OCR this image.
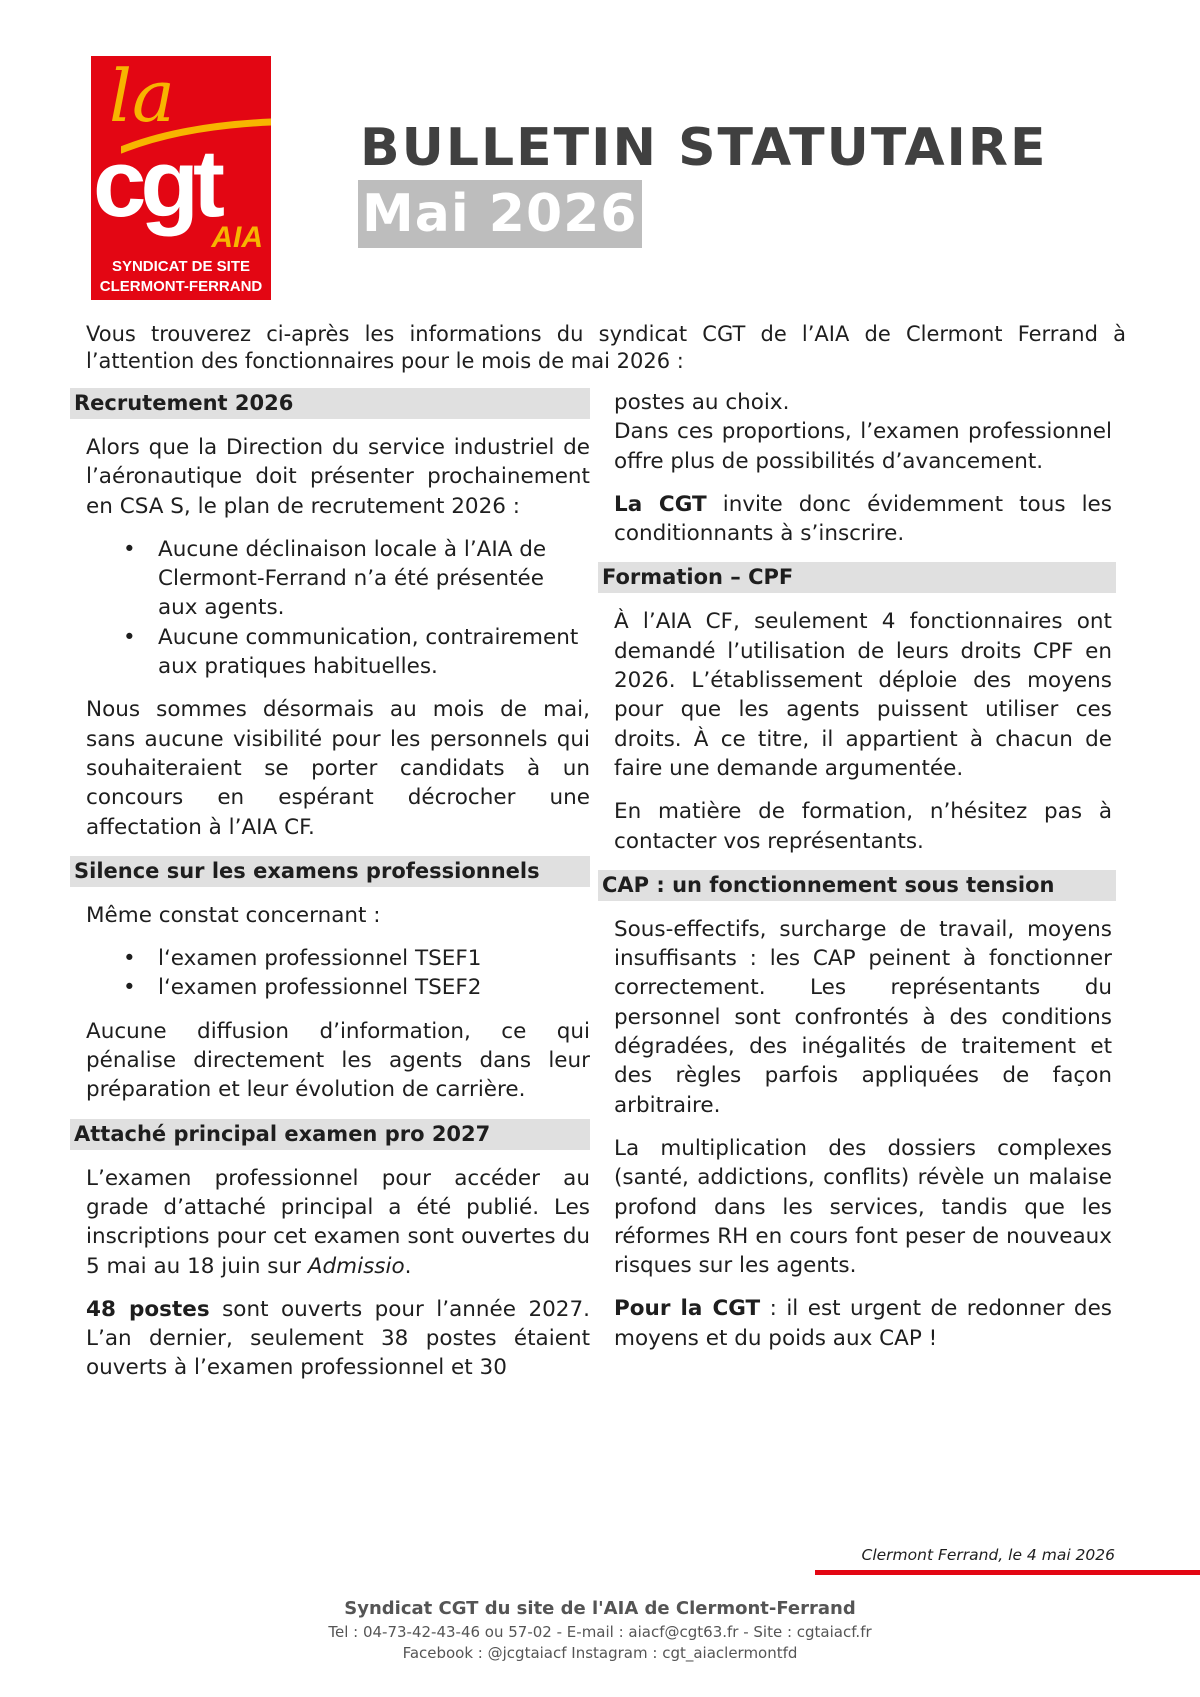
la
cgt
AIA
SYNDICAT DE SITE
CLERMONT-FERRAND
BULLETIN STATUTAIRE
Mai 2026

Vous trouverez ci-après les informations du syndicat CGT de l’AIA de Clermont Ferrand à l’attention des fonctionnaires pour le mois de mai 2026 :

Recrutement 2026

Alors que la Direction du service industriel de l’aéronautique doit présenter prochainement en CSA S, le plan de recrutement 2026 :

• Aucune déclinaison locale à l’AIA de Clermont-Ferrand n’a été présentée aux agents.
• Aucune communication, contrairement aux pratiques habituelles.

Nous sommes désormais au mois de mai, sans aucune visibilité pour les personnels qui souhaiteraient se porter candidats à un concours en espérant décrocher une affectation à l’AIA CF.

Silence sur les examens professionnels

Même constat concernant :

• l‘examen professionnel TSEF1
• l‘examen professionnel TSEF2

Aucune diffusion d’information, ce qui pénalise directement les agents dans leur préparation et leur évolution de carrière.

Attaché principal examen pro 2027

L’examen professionnel pour accéder au grade d’attaché principal a été publié. Les inscriptions pour cet examen sont ouvertes du 5 mai au 18 juin sur Admissio.

48 postes sont ouverts pour l’année 2027. L’an dernier, seulement 38 postes étaient ouverts à l’examen professionnel et 30

postes au choix.

Dans ces proportions, l’examen professionnel offre plus de possibilités d’avancement.

La CGT invite donc évidemment tous les conditionnants à s’inscrire.

Formation – CPF

À l’AIA CF, seulement 4 fonctionnaires ont demandé l’utilisation de leurs droits CPF en 2026. L’établissement déploie des moyens pour que les agents puissent utiliser ces droits. À ce titre, il appartient à chacun de faire une demande argumentée.

En matière de formation, n’hésitez pas à contacter vos représentants.

CAP : un fonctionnement sous tension

Sous-effectifs, surcharge de travail, moyens insuffisants : les CAP peinent à fonctionner correctement. Les représentants du personnel sont confrontés à des conditions dégradées, des inégalités de traitement et des règles parfois appliquées de façon arbitraire.

La multiplication des dossiers complexes (santé, addictions, conflits) révèle un malaise profond dans les services, tandis que les réformes RH en cours font peser de nouveaux risques sur les agents.

Pour la CGT : il est urgent de redonner des moyens et du poids aux CAP !

Clermont Ferrand, le 4 mai 2026
Syndicat CGT du site de l'AIA de Clermont-Ferrand
Tel : 04-73-42-43-46 ou 57-02 - E-mail : aiacf@cgt63.fr - Site : cgtaiacf.fr
Facebook : @jcgtaiacf Instagram : cgt_aiaclermontfd
